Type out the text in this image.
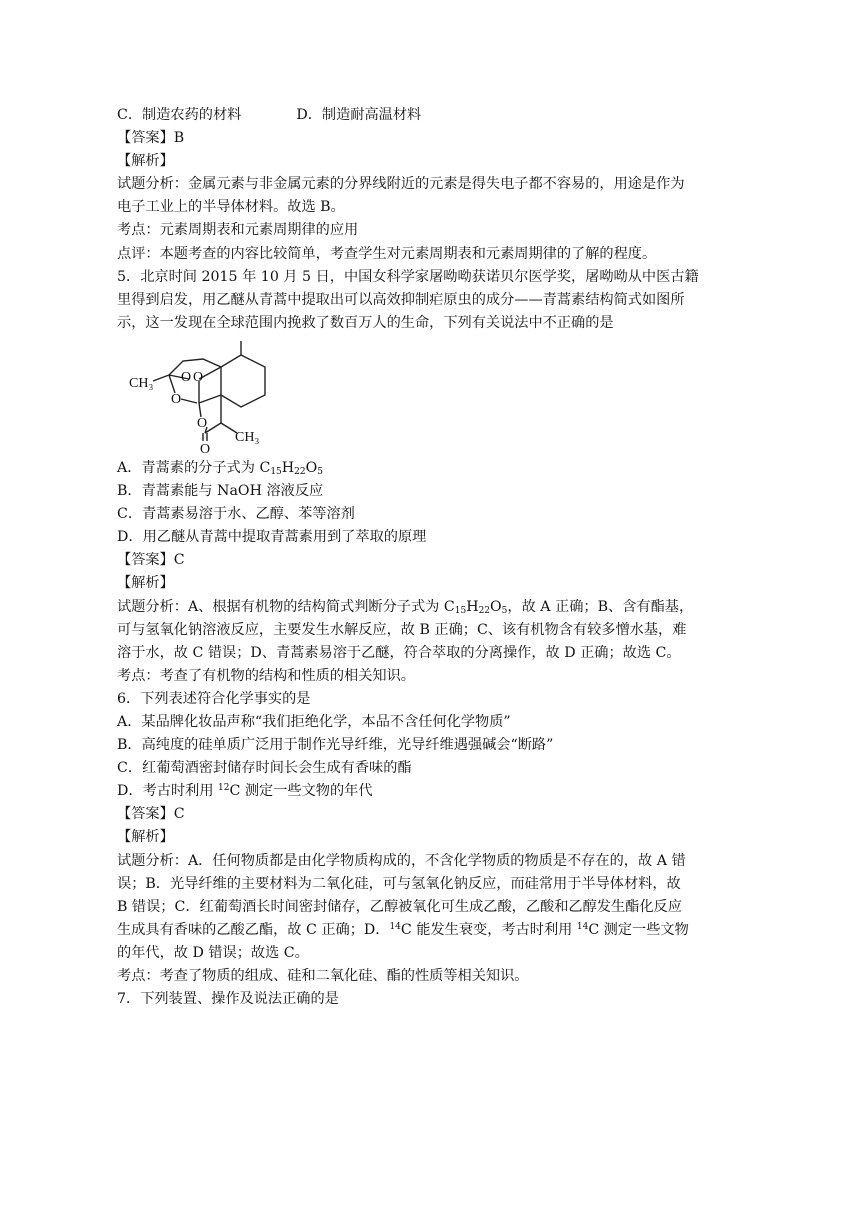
C．制造农药的材料	D．制造耐高温材料
【答案】B
【解析】
试题分析：金属元素与非金属元素的分界线附近的元素是得失电子都不容易的，用途是作为
电子工业上的半导体材料。故选 B。
考点：元素周期表和元素周期律的应用
点评：本题考查的内容比较简单，考查学生对元素周期表和元素周期律的了解的程度。
5．北京时间 2015 年 10 月 5 日，中国女科学家屠呦呦获诺贝尔医学奖，屠呦呦从中医古籍
里得到启发，用乙醚从青蒿中提取出可以高效抑制疟原虫的成分——青蒿素结构简式如图所
示，这一发现在全球范围内挽救了数百万人的生命，下列有关说法中不正确的是
CH₃ O O
O
O
O
CH₃
A．青蒿素的分子式为 $C_{15}H_{22}O_5$
B．青蒿素能与 NaOH 溶液反应
C．青蒿素易溶于水、乙醇、苯等溶剂
D．用乙醚从青蒿中提取青蒿素用到了萃取的原理
【答案】C
【解析】
试题分析：A、根据有机物的结构简式判断分子式为 $C_{15}H_{22}O_5$，故 A 正确；B、含有酯基，
可与氢氧化钠溶液反应，主要发生水解反应，故 B 正确；C、该有机物含有较多憎水基，难
溶于水，故 C 错误；D、青蒿素易溶于乙醚，符合萃取的分离操作，故 D 正确；故选 C。
考点：考查了有机物的结构和性质的相关知识。
6．下列表述符合化学事实的是
A．某品牌化妆品声称“我们拒绝化学，本品不含任何化学物质”
B．高纯度的硅单质广泛用于制作光导纤维，光导纤维遇强碱会“断路”
C．红葡萄酒密封储存时间长会生成有香味的酯
D．考古时利用 $^{12}$C 测定一些文物的年代
【答案】C
【解析】
试题分析：A．任何物质都是由化学物质构成的，不含化学物质的物质是不存在的，故 A 错
误；B．光导纤维的主要材料为二氧化硅，可与氢氧化钠反应，而硅常用于半导体材料，故
B 错误；C．红葡萄酒长时间密封储存，乙醇被氧化可生成乙酸，乙酸和乙醇发生酯化反应
生成具有香味的乙酸乙酯，故 C 正确；D．$^{14}$C 能发生衰变，考古时利用 $^{14}$C 测定一些文物
的年代，故 D 错误；故选 C。
考点：考查了物质的组成、硅和二氧化硅、酯的性质等相关知识。
7．下列装置、操作及说法正确的是
